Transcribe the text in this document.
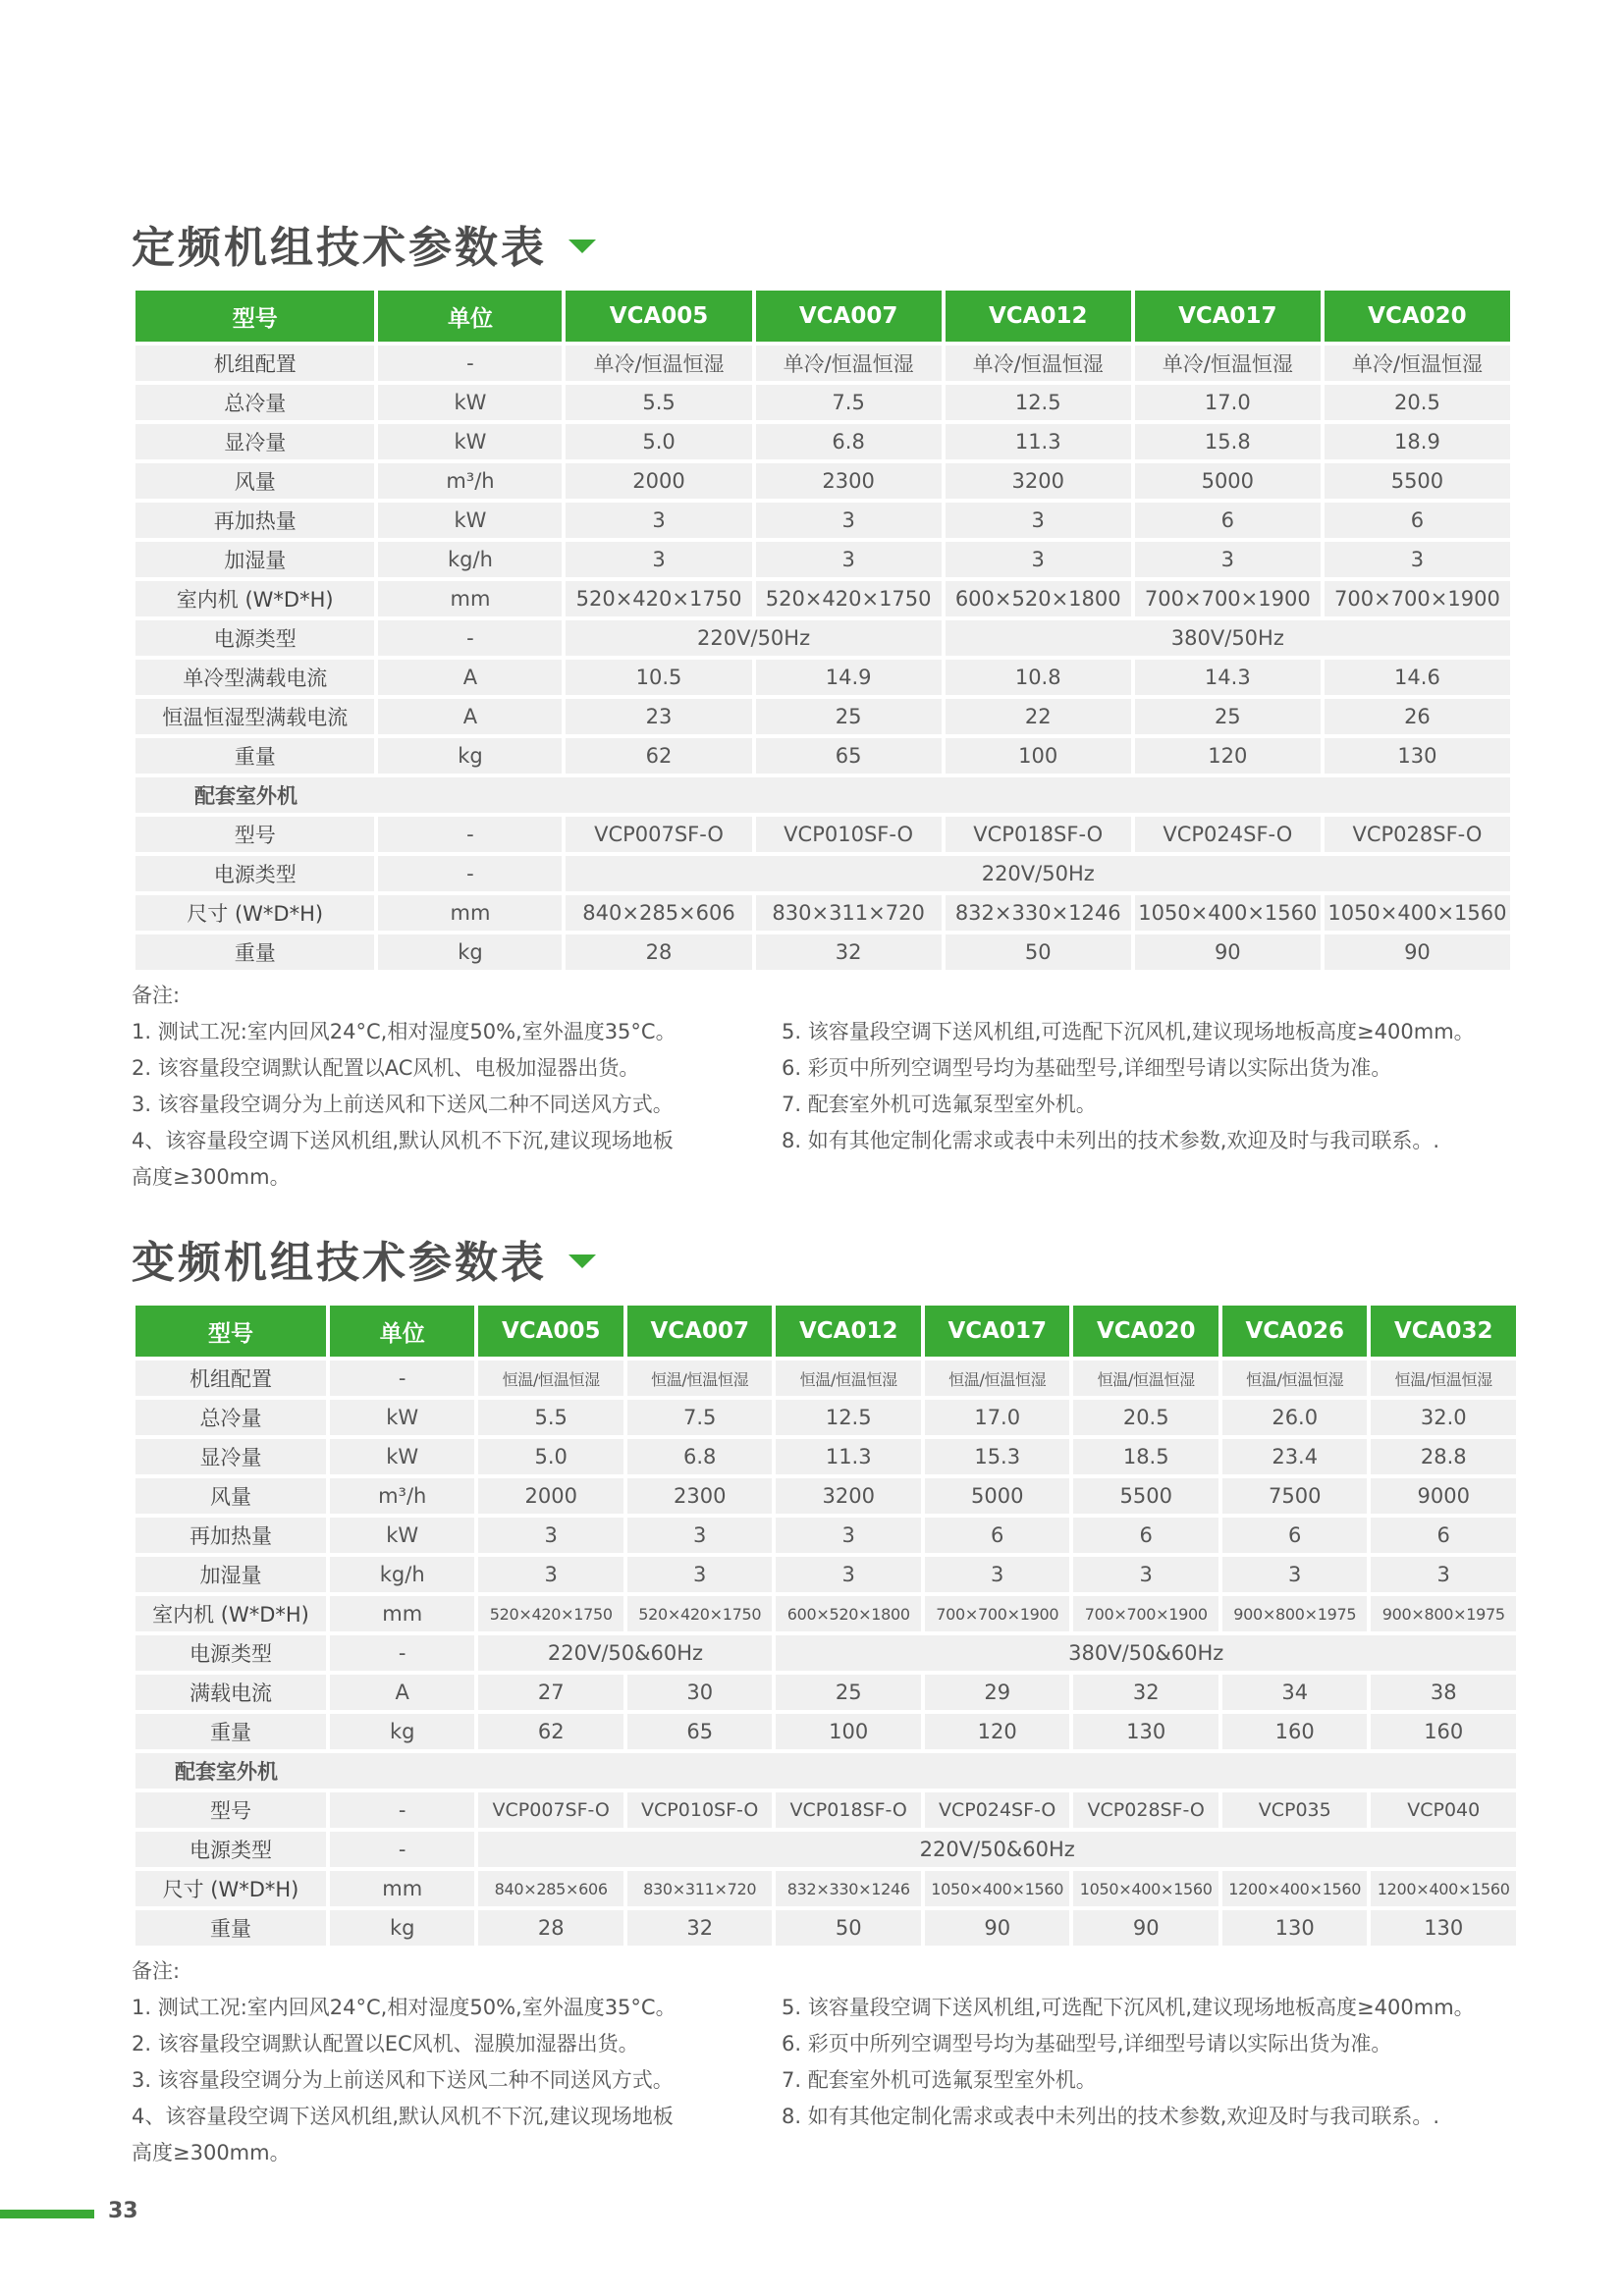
定频机组技术参数表
型号	单位	VCA005	VCA007	VCA012	VCA017	VCA020
机组配置	-	单冷/恒温恒湿	单冷/恒温恒湿	单冷/恒温恒湿	单冷/恒温恒湿	单冷/恒温恒湿
总冷量	kW	5.5	7.5	12.5	17.0	20.5
显冷量	kW	5.0	6.8	11.3	15.8	18.9
风量	m³/h	2000	2300	3200	5000	5500
再加热量	kW	3	3	3	6	6
加湿量	kg/h	3	3	3	3	3
室内机 (W*D*H)	mm	520×420×1750	520×420×1750	600×520×1800	700×700×1900	700×700×1900
电源类型	-	220V/50Hz		380V/50Hz		
单冷型满载电流	A	10.5	14.9	10.8	14.3	14.6
恒温恒湿型满载电流	A	23	25	22	25	26
重量	kg	62	65	100	120	130
配套室外机						
型号	-	VCP007SF-O	VCP010SF-O	VCP018SF-O	VCP024SF-O	VCP028SF-O
电源类型	-	220V/50Hz				
尺寸 (W*D*H)	mm	840×285×606	830×311×720	832×330×1246	1050×400×1560	1050×400×1560
重量	kg	28	32	50	90	90
备注:
1. 测试工况:室内回风24°C,相对湿度50%,室外温度35°C。
2. 该容量段空调默认配置以AC风机、电极加湿器出货。
3. 该容量段空调分为上前送风和下送风二种不同送风方式。
4、该容量段空调下送风机组,默认风机不下沉,建议现场地板
高度≥300mm。
5. 该容量段空调下送风机组,可选配下沉风机,建议现场地板高度≥400mm。
6. 彩页中所列空调型号均为基础型号,详细型号请以实际出货为准。
7. 配套室外机可选氟泵型室外机。
8. 如有其他定制化需求或表中未列出的技术参数,欢迎及时与我司联系。.
变频机组技术参数表
型号	单位	VCA005	VCA007	VCA012	VCA017	VCA020	VCA026	VCA032
机组配置	-	恒温/恒温恒湿	恒温/恒温恒湿	恒温/恒温恒湿	恒温/恒温恒湿	恒温/恒温恒湿	恒温/恒温恒湿	恒温/恒温恒湿
总冷量	kW	5.5	7.5	12.5	17.0	20.5	26.0	32.0
显冷量	kW	5.0	6.8	11.3	15.3	18.5	23.4	28.8
风量	m³/h	2000	2300	3200	5000	5500	7500	9000
再加热量	kW	3	3	3	6	6	6	6
加湿量	kg/h	3	3	3	3	3	3	3
室内机 (W*D*H)	mm	520×420×1750	520×420×1750	600×520×1800	700×700×1900	700×700×1900	900×800×1975	900×800×1975
电源类型	-	220V/50&60Hz		380V/50&60Hz				
满载电流	A	27	30	25	29	32	34	38
重量	kg	62	65	100	120	130	160	160
配套室外机								
型号	-	VCP007SF-O	VCP010SF-O	VCP018SF-O	VCP024SF-O	VCP028SF-O	VCP035	VCP040
电源类型	-	220V/50&60Hz						
尺寸 (W*D*H)	mm	840×285×606	830×311×720	832×330×1246	1050×400×1560	1050×400×1560	1200×400×1560	1200×400×1560
重量	kg	28	32	50	90	90	130	130
备注:
1. 测试工况:室内回风24°C,相对湿度50%,室外温度35°C。
2. 该容量段空调默认配置以EC风机、湿膜加湿器出货。
3. 该容量段空调分为上前送风和下送风二种不同送风方式。
4、该容量段空调下送风机组,默认风机不下沉,建议现场地板
高度≥300mm。
5. 该容量段空调下送风机组,可选配下沉风机,建议现场地板高度≥400mm。
6. 彩页中所列空调型号均为基础型号,详细型号请以实际出货为准。
7. 配套室外机可选氟泵型室外机。
8. 如有其他定制化需求或表中未列出的技术参数,欢迎及时与我司联系。.
33
